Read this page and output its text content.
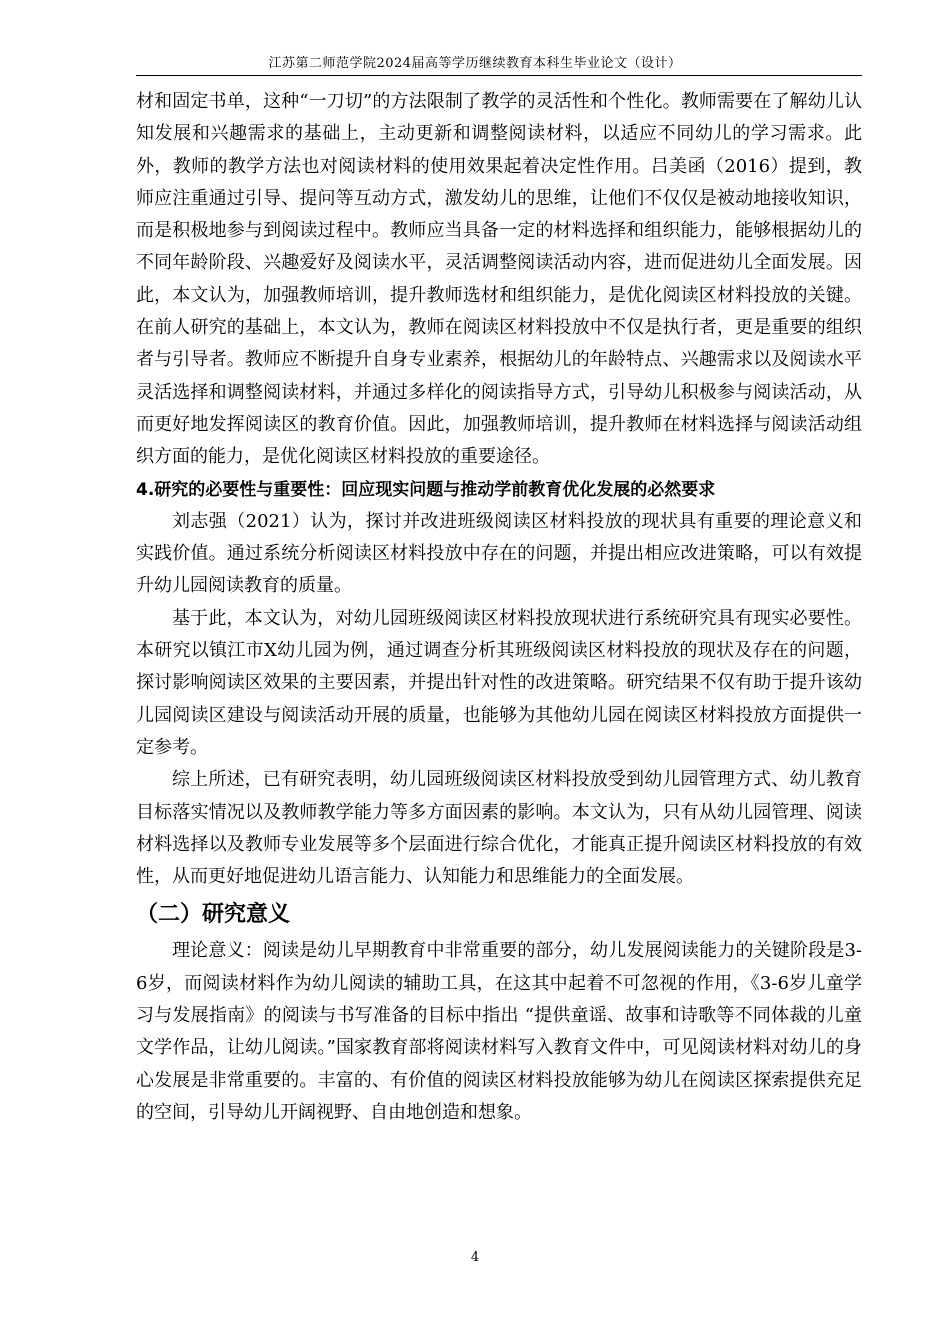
江苏第二师范学院2024届高等学历继续教育本科生毕业论文（设计）

材和固定书单，这种“一刀切”的方法限制了教学的灵活性和个性化。教师需要在了解幼儿认知发展和兴趣需求的基础上，主动更新和调整阅读材料，以适应不同幼儿的学习需求。此外，教师的教学方法也对阅读材料的使用效果起着决定性作用。吕美函（2016）提到，教师应注重通过引导、提问等互动方式，激发幼儿的思维，让他们不仅仅是被动地接收知识，而是积极地参与到阅读过程中。教师应当具备一定的材料选择和组织能力，能够根据幼儿的不同年龄阶段、兴趣爱好及阅读水平，灵活调整阅读活动内容，进而促进幼儿全面发展。因此，本文认为，加强教师培训，提升教师选材和组织能力，是优化阅读区材料投放的关键。在前人研究的基础上，本文认为，教师在阅读区材料投放中不仅是执行者，更是重要的组织者与引导者。教师应不断提升自身专业素养，根据幼儿的年龄特点、兴趣需求以及阅读水平灵活选择和调整阅读材料，并通过多样化的阅读指导方式，引导幼儿积极参与阅读活动，从而更好地发挥阅读区的教育价值。因此，加强教师培训，提升教师在材料选择与阅读活动组织方面的能力，是优化阅读区材料投放的重要途径。

4.研究的必要性与重要性：回应现实问题与推动学前教育优化发展的必然要求

刘志强（2021）认为，探讨并改进班级阅读区材料投放的现状具有重要的理论意义和实践价值。通过系统分析阅读区材料投放中存在的问题，并提出相应改进策略，可以有效提升幼儿园阅读教育的质量。

基于此，本文认为，对幼儿园班级阅读区材料投放现状进行系统研究具有现实必要性。本研究以镇江市X幼儿园为例，通过调查分析其班级阅读区材料投放的现状及存在的问题，探讨影响阅读区效果的主要因素，并提出针对性的改进策略。研究结果不仅有助于提升该幼儿园阅读区建设与阅读活动开展的质量，也能够为其他幼儿园在阅读区材料投放方面提供一定参考。

综上所述，已有研究表明，幼儿园班级阅读区材料投放受到幼儿园管理方式、幼儿教育目标落实情况以及教师教学能力等多方面因素的影响。本文认为，只有从幼儿园管理、阅读材料选择以及教师专业发展等多个层面进行综合优化，才能真正提升阅读区材料投放的有效性，从而更好地促进幼儿语言能力、认知能力和思维能力的全面发展。

（二）研究意义

理论意义：阅读是幼儿早期教育中非常重要的部分，幼儿发展阅读能力的关键阶段是3-6岁，而阅读材料作为幼儿阅读的辅助工具，在这其中起着不可忽视的作用，《3-6岁儿童学习与发展指南》的阅读与书写准备的目标中指出 “提供童谣、故事和诗歌等不同体裁的儿童文学作品，让幼儿阅读。”国家教育部将阅读材料写入教育文件中，可见阅读材料对幼儿的身心发展是非常重要的。丰富的、有价值的阅读区材料投放能够为幼儿在阅读区探索提供充足的空间，引导幼儿开阔视野、自由地创造和想象。

4
